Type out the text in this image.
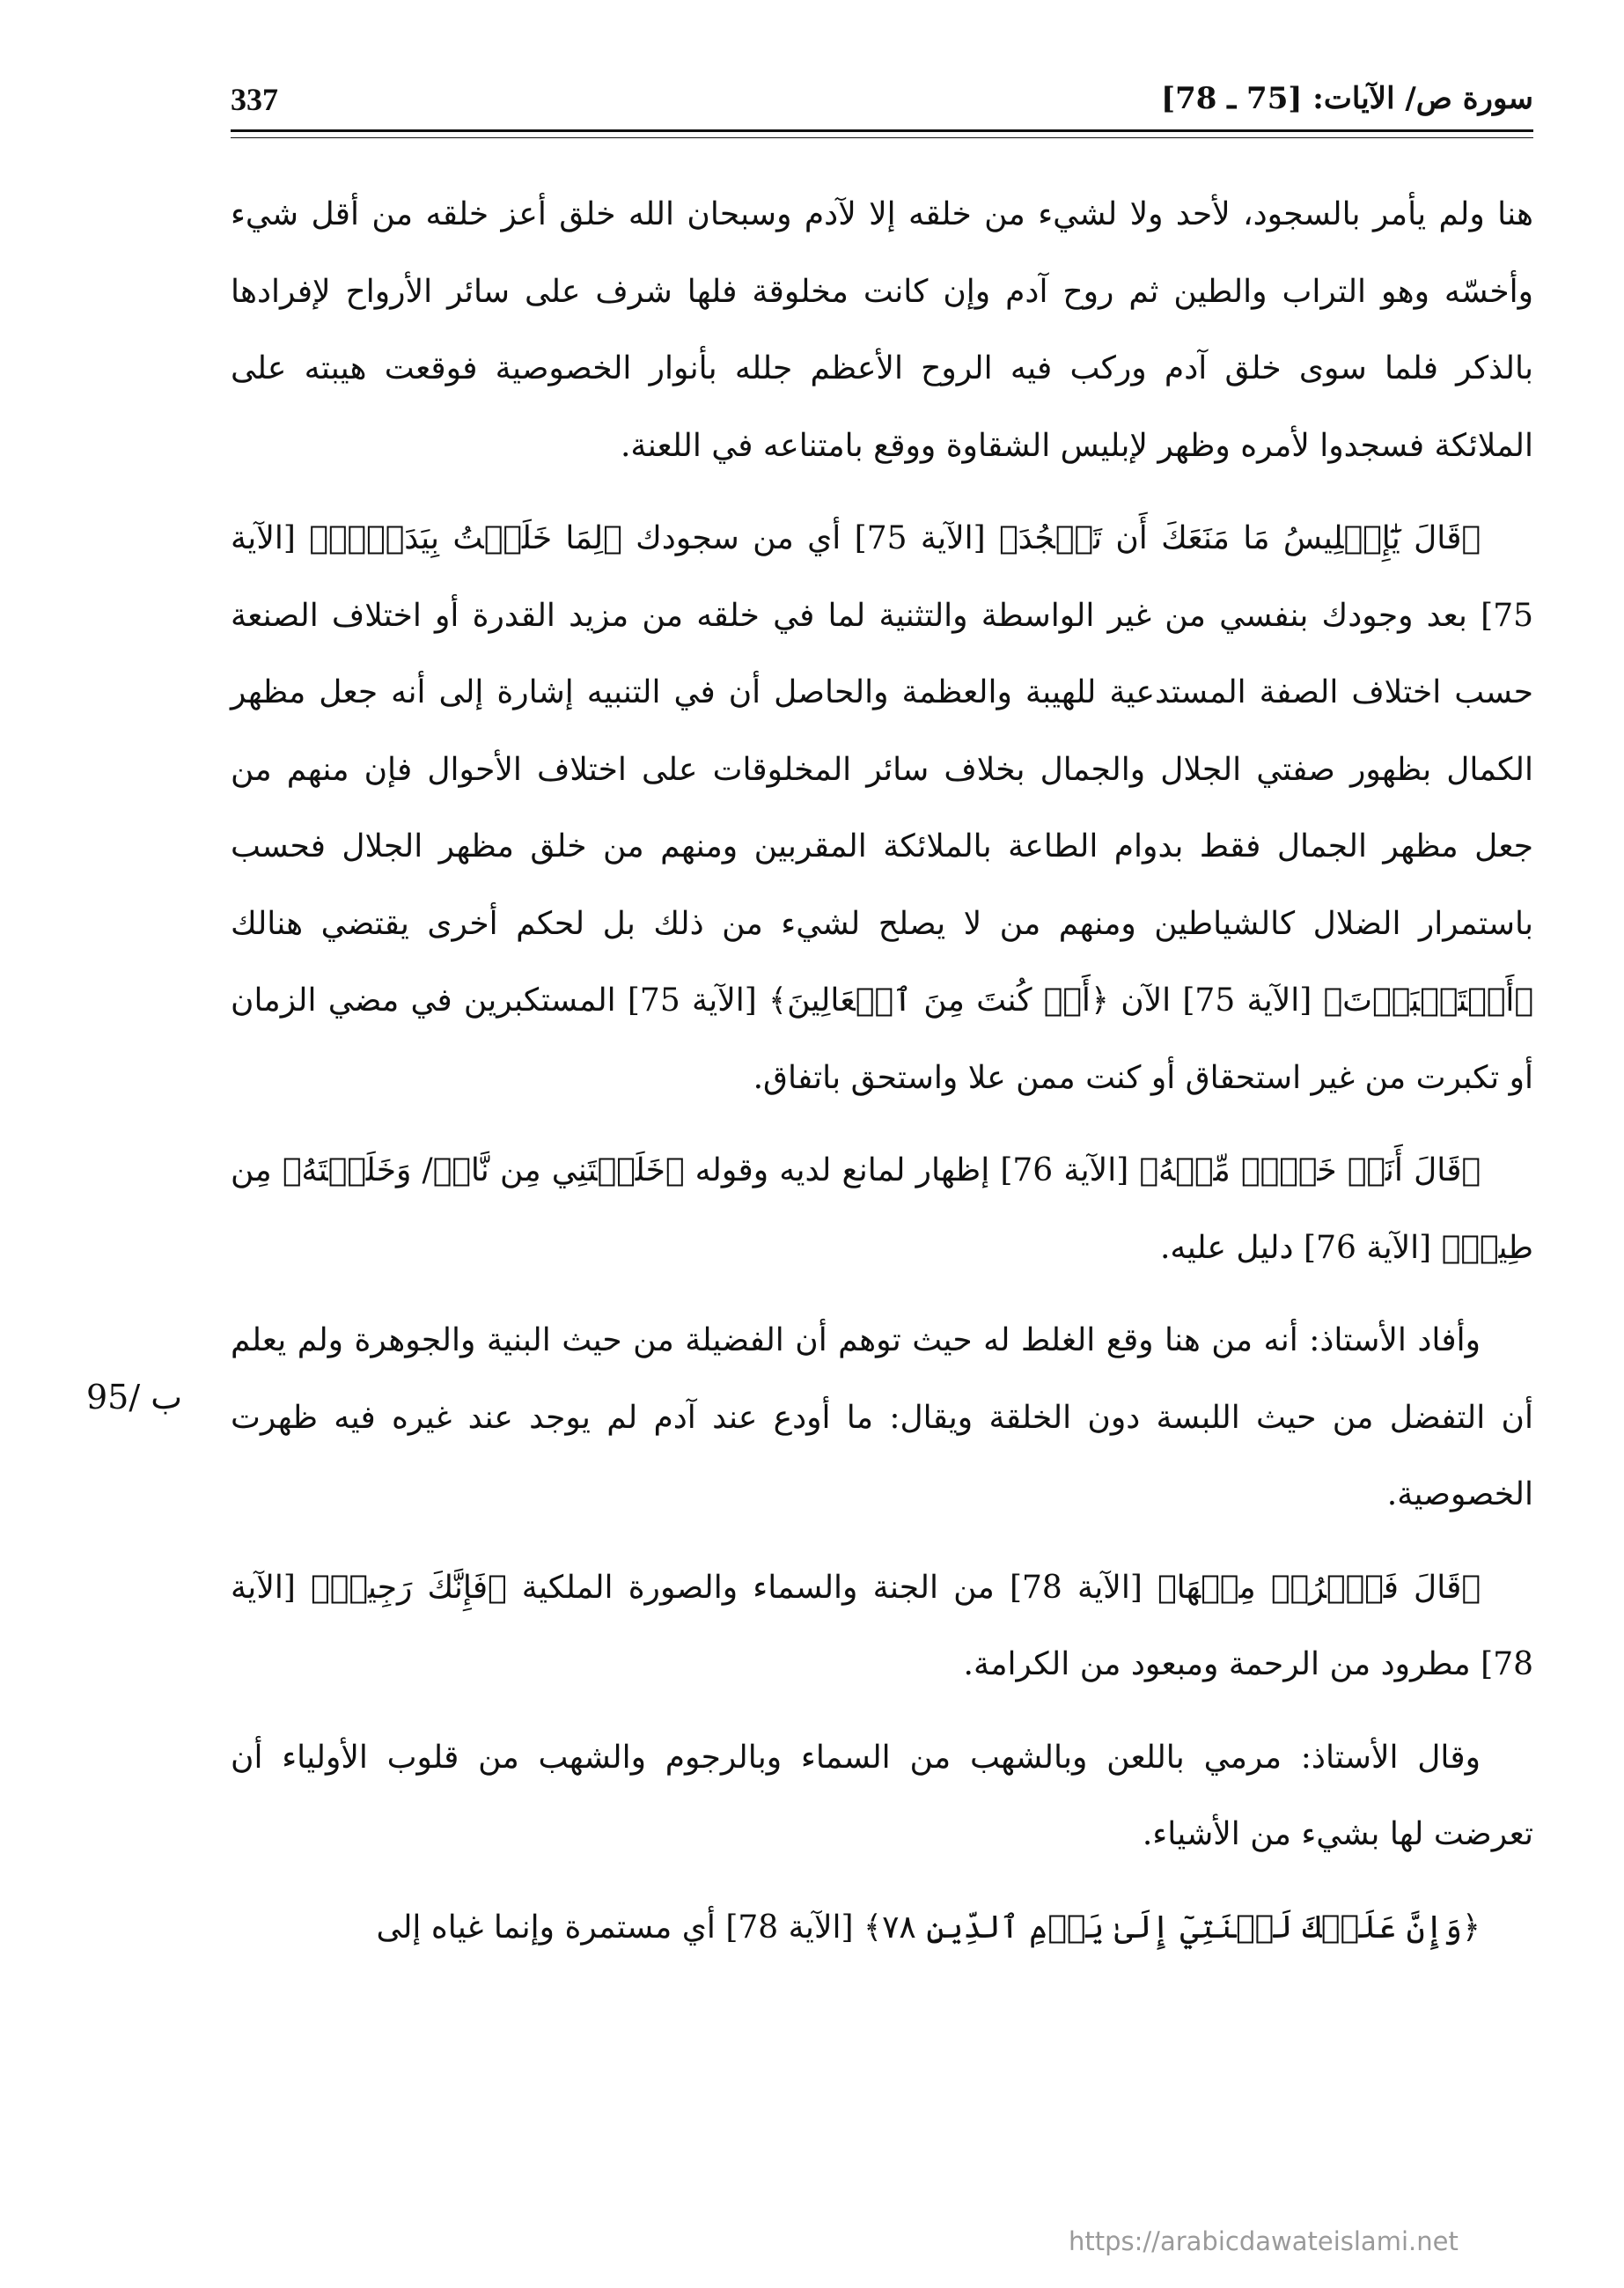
سورة ص/ الآيات: [75 ـ 78]
337

هنا ولم يأمر بالسجود، لأحد ولا لشيء من خلقه إلا لآدم وسبحان الله خلق أعز خلقه من أقل شيء وأخسّه وهو التراب والطين ثم روح آدم وإن كانت مخلوقة فلها شرف على سائر الأرواح لإفرادها بالذكر فلما سوى خلق آدم وركب فيه الروح الأعظم جلله بأنوار الخصوصية فوقعت هيبته على الملائكة فسجدوا لأمره وظهر لإبليس الشقاوة ووقع بامتناعه في اللعنة.

﴿قَالَ يَٰٓإِبۡلِيسُ مَا مَنَعَكَ أَن تَسۡجُدَ﴾ [الآية 75] أي من سجودك ﴿لِمَا خَلَقۡتُ بِيَدَيَّۖ﴾ [الآية 75] بعد وجودك بنفسي من غير الواسطة والتثنية لما في خلقه من مزيد القدرة أو اختلاف الصنعة حسب اختلاف الصفة المستدعية للهيبة والعظمة والحاصل أن في التنبيه إشارة إلى أنه جعل مظهر الكمال بظهور صفتي الجلال والجمال بخلاف سائر المخلوقات على اختلاف الأحوال فإن منهم من جعل مظهر الجمال فقط بدوام الطاعة بالملائكة المقربين ومنهم من خلق مظهر الجلال فحسب باستمرار الضلال كالشياطين ومنهم من لا يصلح لشيء من ذلك بل لحكم أخرى يقتضي هنالك ﴿أَسۡتَكۡبَرۡتَ﴾ [الآية 75] الآن ﴿أَمۡ كُنتَ مِنَ ٱلۡعَالِينَ﴾ [الآية 75] المستكبرين في مضي الزمان أو تكبرت من غير استحقاق أو كنت ممن علا واستحق باتفاق.

﴿قَالَ أَنَا۠ خَيۡرٞ مِّنۡهُ﴾ [الآية 76] إظهار لمانع لديه وقوله ﴿خَلَقۡتَنِي مِن نَّارٖ/ وَخَلَقۡتَهُۥ مِن طِينٖ﴾ [الآية 76] دليل عليه.

وأفاد الأستاذ: أنه من هنا وقع الغلط له حيث توهم أن الفضيلة من حيث البنية والجوهرة ولم يعلم أن التفضل من حيث اللبسة دون الخلقة ويقال: ما أودع عند آدم لم يوجد عند غيره فيه ظهرت الخصوصية.

﴿قَالَ فَٱخۡرُجۡ مِنۡهَا﴾ [الآية 78] من الجنة والسماء والصورة الملكية ﴿فَإِنَّكَ رَجِيمٞ﴾ [الآية 78] مطرود من الرحمة ومبعود من الكرامة.

وقال الأستاذ: مرمي باللعن وبالشهب من السماء وبالرجوم والشهب من قلوب الأولياء أن تعرضت لها بشيء من الأشياء.

﴿وَإِنَّ عَلَيۡكَ لَعۡنَتِيٓ إِلَىٰ يَوۡمِ ٱلدِّينِ ٧٨﴾ [الآية 78] أي مستمرة وإنما غياه إلى

95/ ب
https://arabicdawateislami.net
